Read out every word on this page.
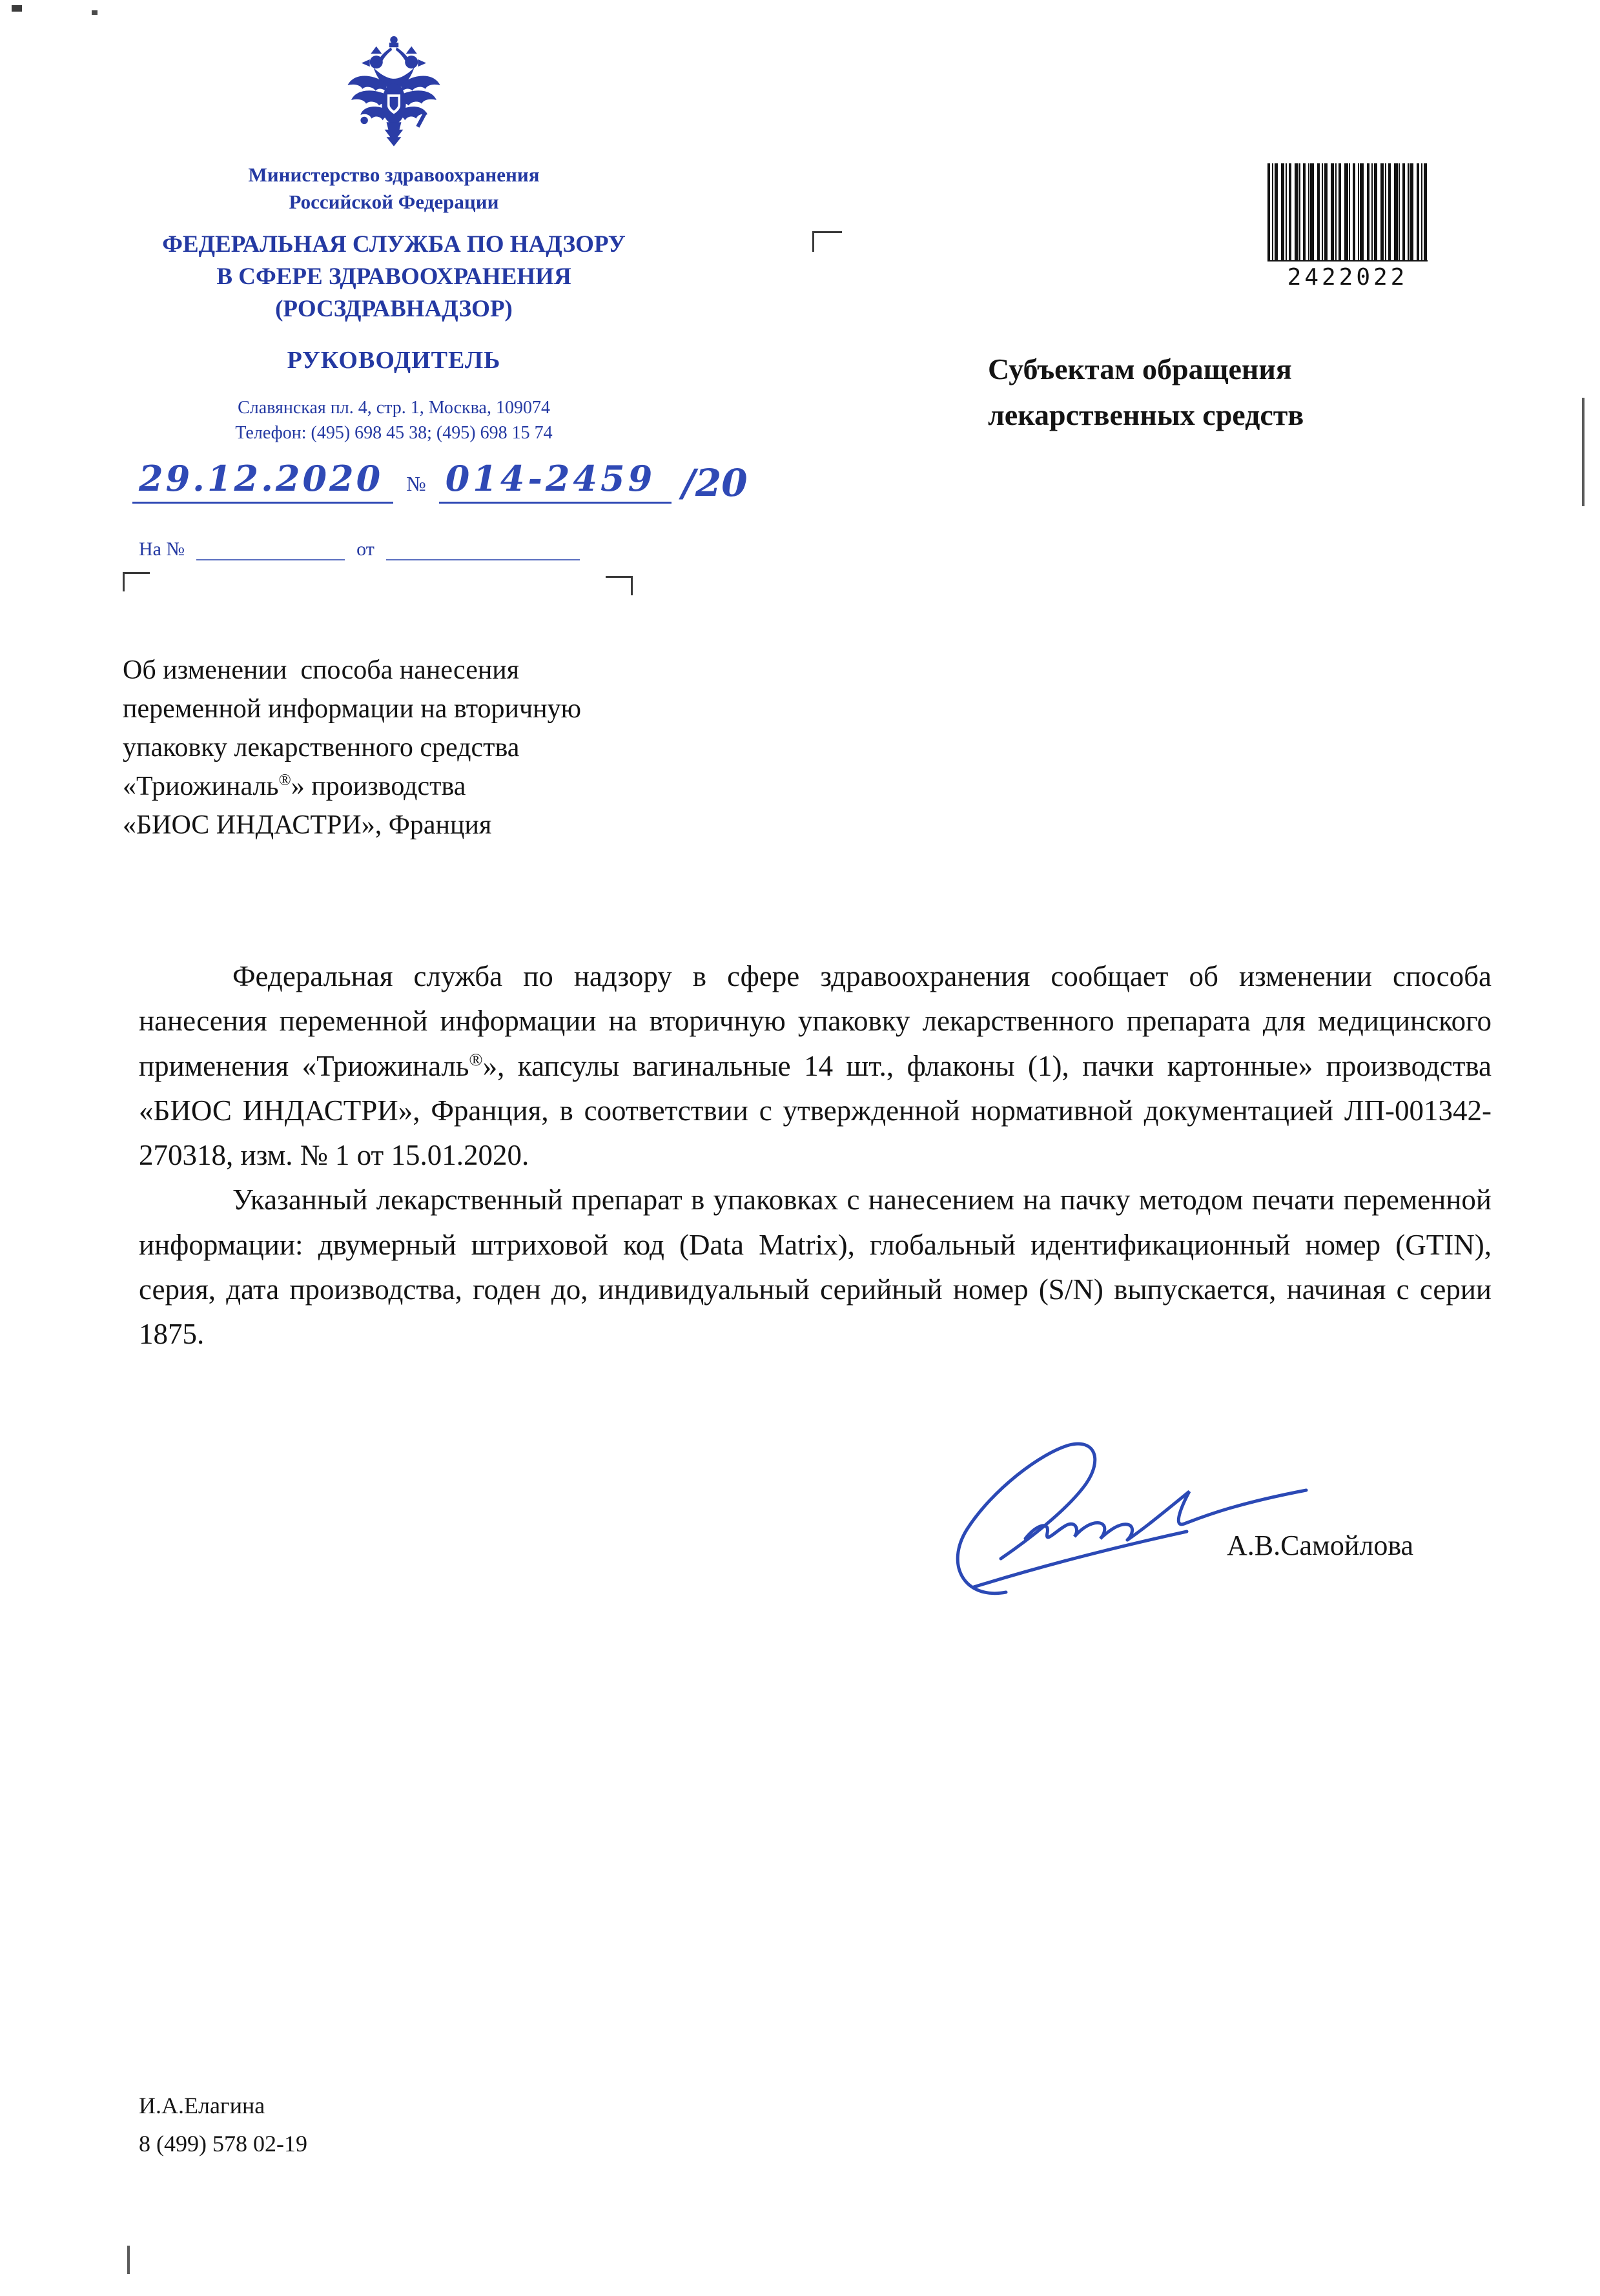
Министерство здравоохранения
Российской Федерации
ФЕДЕРАЛЬНАЯ СЛУЖБА ПО НАДЗОРУ
В СФЕРЕ ЗДРАВООХРАНЕНИЯ
(РОСЗДРАВНАДЗОР)
РУКОВОДИТЕЛЬ
Славянская пл. 4, стр. 1, Москва, 109074
Телефон: (495) 698 45 38; (495) 698 15 74
2422022
Субъектам обращения
лекарственных средств
29.12.2020	№ 014-2459 /20
На №	от
Об изменении  способа нанесения
переменной информации на вторичную
упаковку лекарственного средства
«Триожиналь®» производства
«БИОС ИНДАСТРИ», Франция

Федеральная служба по надзору в сфере здравоохранения сообщает об изменении способа нанесения переменной информации на вторичную упаковку лекарственного препарата для медицинского применения «Триожиналь®», капсулы вагинальные 14 шт., флаконы (1), пачки картонные» производства «БИОС ИНДАСТРИ», Франция, в соответствии с утвержденной нормативной документацией ЛП-001342-270318, изм. № 1 от 15.01.2020.

Указанный лекарственный препарат в упаковках с нанесением на пачку методом печати переменной информации: двумерный штриховой код (Data Matrix), глобальный идентификационный номер (GTIN), серия, дата производства, годен до, индивидуальный серийный номер (S/N) выпускается, начиная с серии 1875.

А.В.Самойлова
И.А.Елагина
8 (499) 578 02-19
